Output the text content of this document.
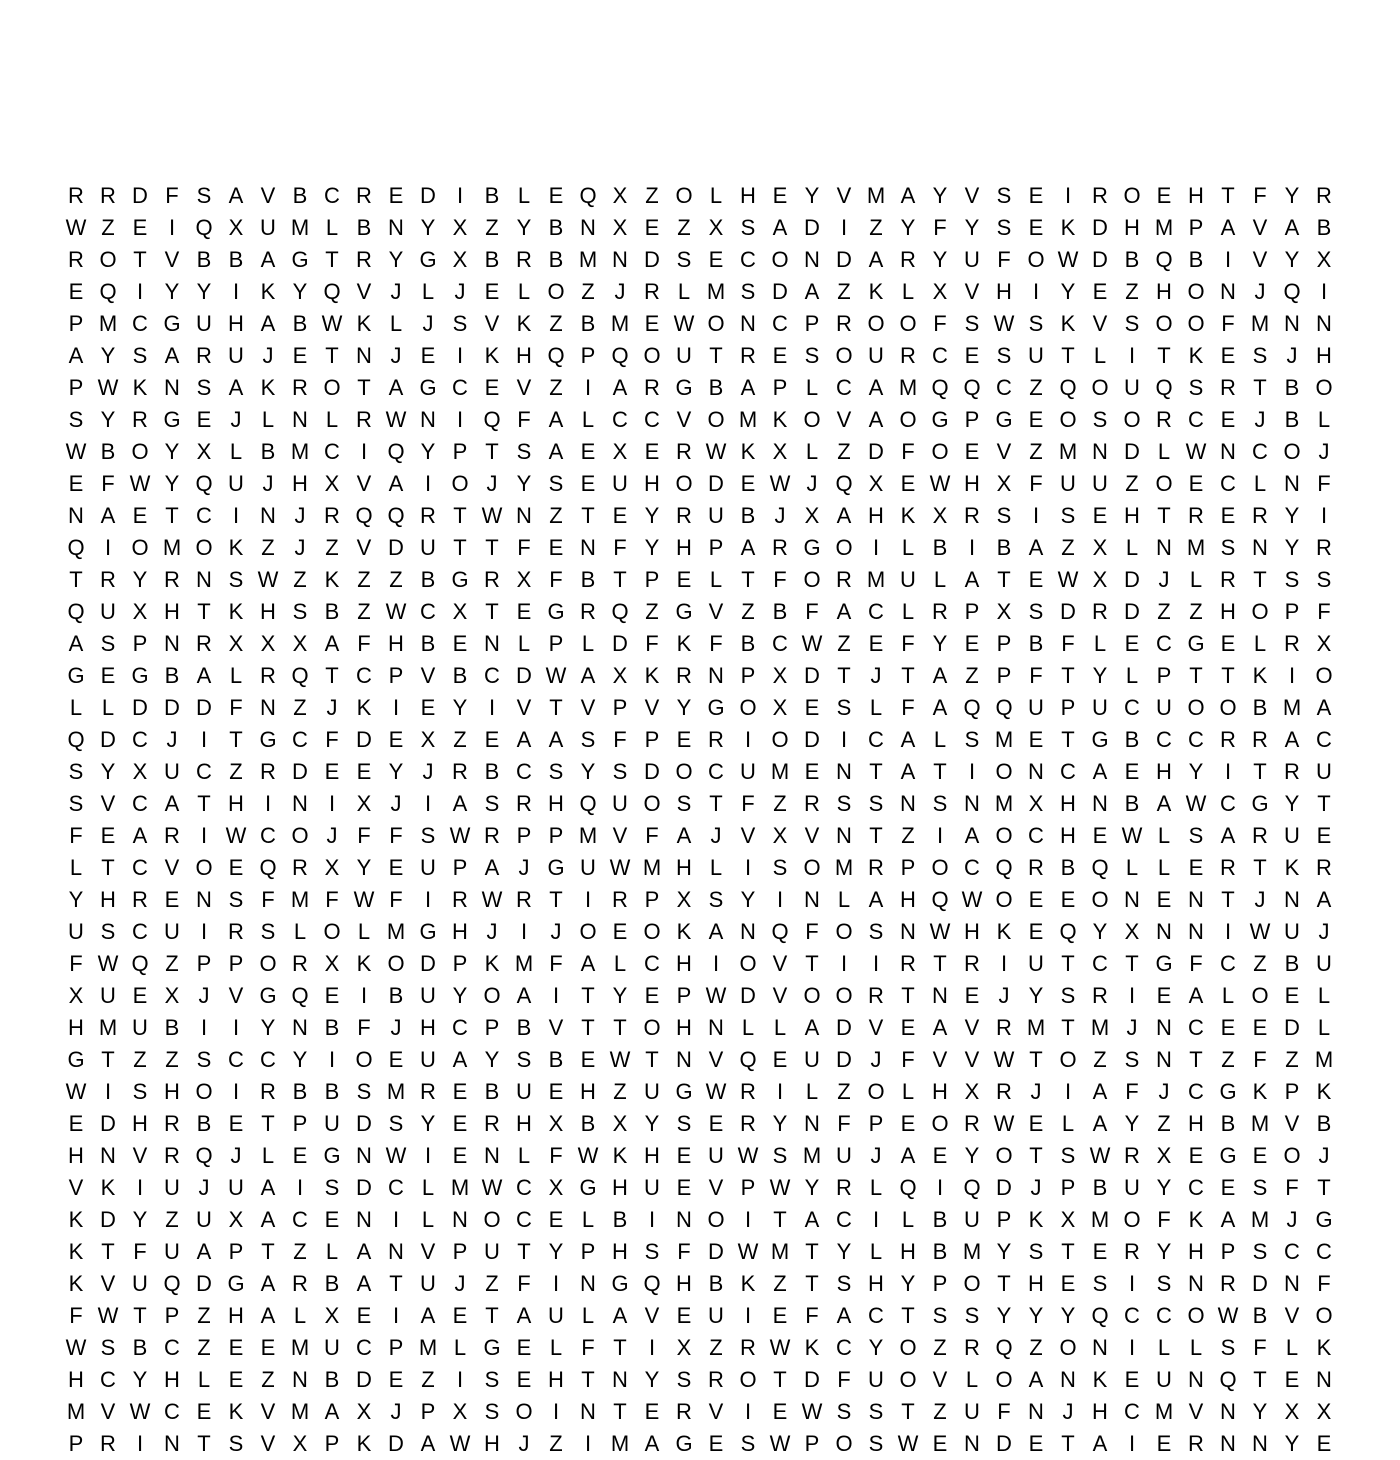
R R D F S A V B C R E D I B L E Q X Z O L H E Y V M A Y V S E I R O E H T F Y R
W Z E I Q X U M L B N Y X Z Y B N X E Z X S A D I	Z Y F Y S E K D H M P A V A B
R O T V B B A G T R Y G X B R B M N D S E C O N D A R Y U F O W D B Q B I V Y X
E Q I Y Y I K Y Q V J L J E L O Z J R L M S D A Z K L X V H I Y E Z H O N J Q I
P M C G U H A B W K L J S V K Z B M E W O N C P R O O F S W S K V S O O F M N N
A Y S A R U J E T N J E I K H Q P Q O U T R E S O U R C E S U T L	I	T K E S J H
P W K N S A K R O T A G C E V Z	I A R G B A P L C A M Q Q C Z Q O U Q S R T B O
S Y R G E J L N L R W N I Q F A L C C V O M K O V A O G P G E O S O R C E J B L
W B O Y X L B M C I Q Y P T S A E X E R W K X L Z D F O E V Z M N D L W N C O J
E F W Y Q U J H X V A I O J Y S E U H O D E W J Q X E W H X F U U Z O E C L N F
N A E T C I N J R Q Q R T W N Z T E Y R U B J X A H K X R S I S E H T R E R Y I
Q I O M O K Z J Z V D U T T F E N F Y H P A R G O I	L B I B A Z X L N M S N Y R
T R Y R N S W Z K Z Z B G R X F B T P E L T F O R M U L A T E W X D J L R T S S
Q U X H T K H S B Z W C X T E G R Q Z G V Z B F A C L R P X S D R D Z Z H O P F
A S P N R X X X A F H B E N L P L D F K F B C W Z E F Y E P B F L E C G E L R X
G E G B A L R Q T C P V B C D W A X K R N P X D T J T A Z P F T Y L P T T K I O
L L D D D F N Z J K I E Y I V T V P V Y G O X E S L F A Q Q U P U C U O O B M A
Q D C J	I	T G C F D E X Z E A A S F P E R I O D I C A L S M E T G B C C R R A C
S Y X U C Z R D E E Y J R B C S Y S D O C U M E N T A T	I O N C A E H Y I	T R U
S V C A T H I N I X J	I A S R H Q U O S T F Z R S S N S N M X H N B A W C G Y T
F E A R I W C O J F F S W R P P M V F A J V X V N T Z	I A O C H E W L S A R U E
L T C V O E Q R X Y E U P A J G U W M H L	I S O M R P O C Q R B Q L L E R T K R
Y H R E N S F M F W F	I R W R T	I R P X S Y I N L A H Q W O E E O N E N T J N A
U S C U I R S L O L M G H J	I	J O E O K A N Q F O S N W H K E Q Y X N N I W U J
F W Q Z P P O R X K O D P K M F A L C H I O V T	I	I R T R I U T C T G F C Z B U
X U E X J V G Q E I B U Y O A I	T Y E P W D V O O R T N E J Y S R I E A L O E L
H M U B I	I Y N B F J H C P B V T T O H N L L A D V E A V R M T M J N C E E D L
G T Z Z S C C Y I O E U A Y S B E W T N V Q E U D J F V V W T O Z S N T Z F Z M
W I S H O I R B B S M R E B U E H Z U G W R I	L Z O L H X R J	I A F J C G K P K
E D H R B E T P U D S Y E R H X B X Y S E R Y N F P E O R W E L A Y Z H B M V B
H N V R Q J L E G N W I E N L F W K H E U W S M U J A E Y O T S W R X E G E O J
V K I U J U A I S D C L M W C X G H U E V P W Y R L Q I Q D J P B U Y C E S F T
K D Y Z U X A C E N I	L N O C E L B I N O I	T A C I	L B U P K X M O F K A M J G
K T F U A P T Z L A N V P U T Y P H S F D W M T Y L H B M Y S T E R Y H P S C C
K V U Q D G A R B A T U J Z F	I N G Q H B K Z T S H Y P O T H E S I S N R D N F
F W T P Z H A L X E I A E T A U L A V E U I E F A C T S S Y Y Y Q C C O W B V O
W S B C Z E E M U C P M L G E L F T	I X Z R W K C Y O Z R Q Z O N I	L L S F L K
H C Y H L E Z N B D E Z	I S E H T N Y S R O T D F U O V L O A N K E U N Q T E N
M V W C E K V M A X J P X S O I N T E R V I E W S S T Z U F N J H C M V N Y X X
P R I N T S V X P K D A W H J Z	I M A G E S W P O S W E N D E T A I E R N N Y E
